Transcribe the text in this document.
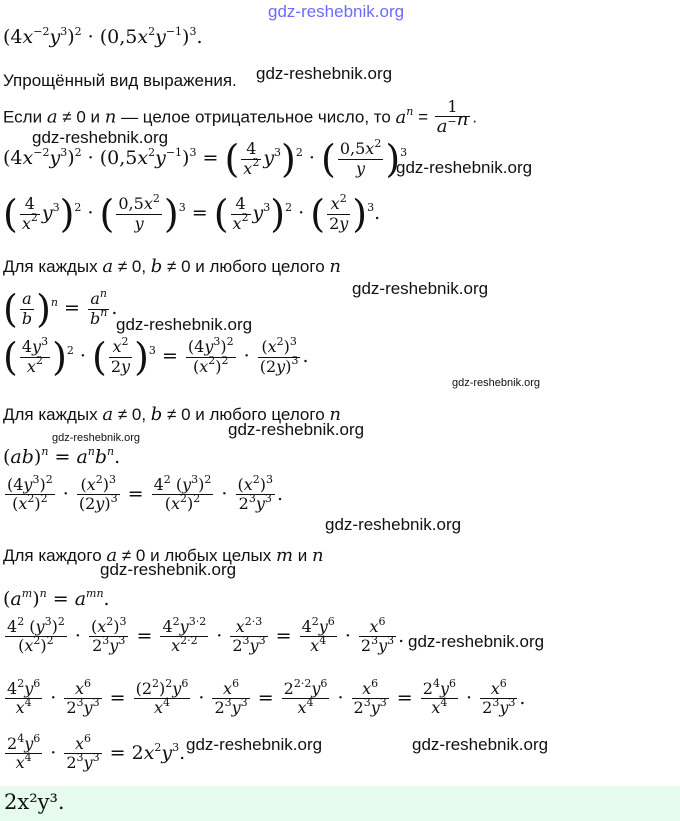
gdz-reshebnik.org
$(4x^{-2}y^3)^2 \cdot (0,5x^2y^{-1})^3$.
Упрощённый вид выражения. gdz-reshebnik.org
Если a ≠ 0 и n — целое отрицательное число, то $a^n = \frac{1}{a^{-n}}$ .
gdz-reshebnik.org
$(4x^{-2}y^3)^2 \cdot (0,5x^2y^{-1})^3$ = ( $\frac{4}{x^2} y^3)^2$ · ( $\frac{0,5x^2}{y} )^3$
gdz-reshebnik.org
( $\frac{4}{x^2} y^3)^2$ · ( $\frac{0,5x^2}{y} )^3$ = ( $\frac{4}{x^2} y^3)^2$ · ( $\frac{x^2}{2y} )^3$.
Для каждых a ≠ 0, b ≠ 0 и любого целого n
gdz-reshebnik.org
( $\frac{a}{b} )^n = \frac{a^n}{b^n}$ .
gdz-reshebnik.org
( $\frac{4y^3}{x^2} )^2$ · ( $\frac{x^2}{2y} )^3 = \frac{(4y^3)^2}{(x^2)^2} \cdot \frac{(x^2)^3}{(2y)^3}$ .
gdz-reshebnik.org
Для каждых a ≠ 0, b ≠ 0 и любого целого n
gdz-reshebnik.org
gdz-reshebnik.org
$(ab)^n = a^nb^n$.
$\frac{(4y^3)^2}{(x^2)^2} \cdot \frac{(x^2)^3}{(2y)^3} = \frac{4^2 (y^3)^2}{(x^2)^2} \cdot \frac{(x^2)^3}{2^3y^3}$ .
gdz-reshebnik.org
Для каждого a ≠ 0 и любых целых m и n
gdz-reshebnik.org
$(a^m)^n = a^{mn}$.
$\frac{4^2 (y^3)^2}{(x^2)^2} \cdot \frac{(x^2)^3}{2^3y^3} = \frac{4^2y^{3\cdot 2}}{x^{2\cdot 2}} \cdot \frac{x^{2\cdot 3}}{2^3y^3} = \frac{4^2y^6}{x^4} \cdot \frac{x^6}{2^3y^3}$ . gdz-reshebnik.org
$\frac{4^2y^6}{x^4} \cdot \frac{x^6}{2^3y^3} = \frac{(2^2)^2y^6}{x^4} \cdot \frac{x^6}{2^3y^3} = \frac{2^{2\cdot 2}y^6}{x^4} \cdot \frac{x^6}{2^3y^3} = \frac{2^4y^6}{x^4} \cdot \frac{x^6}{2^3y^3}$ .
$\frac{2^4y^6}{x^4} \cdot \frac{x^6}{2^3y^3} = 2x^2y^3$. gdz-reshebnik.org	gdz-reshebnik.org
2x²y³.
